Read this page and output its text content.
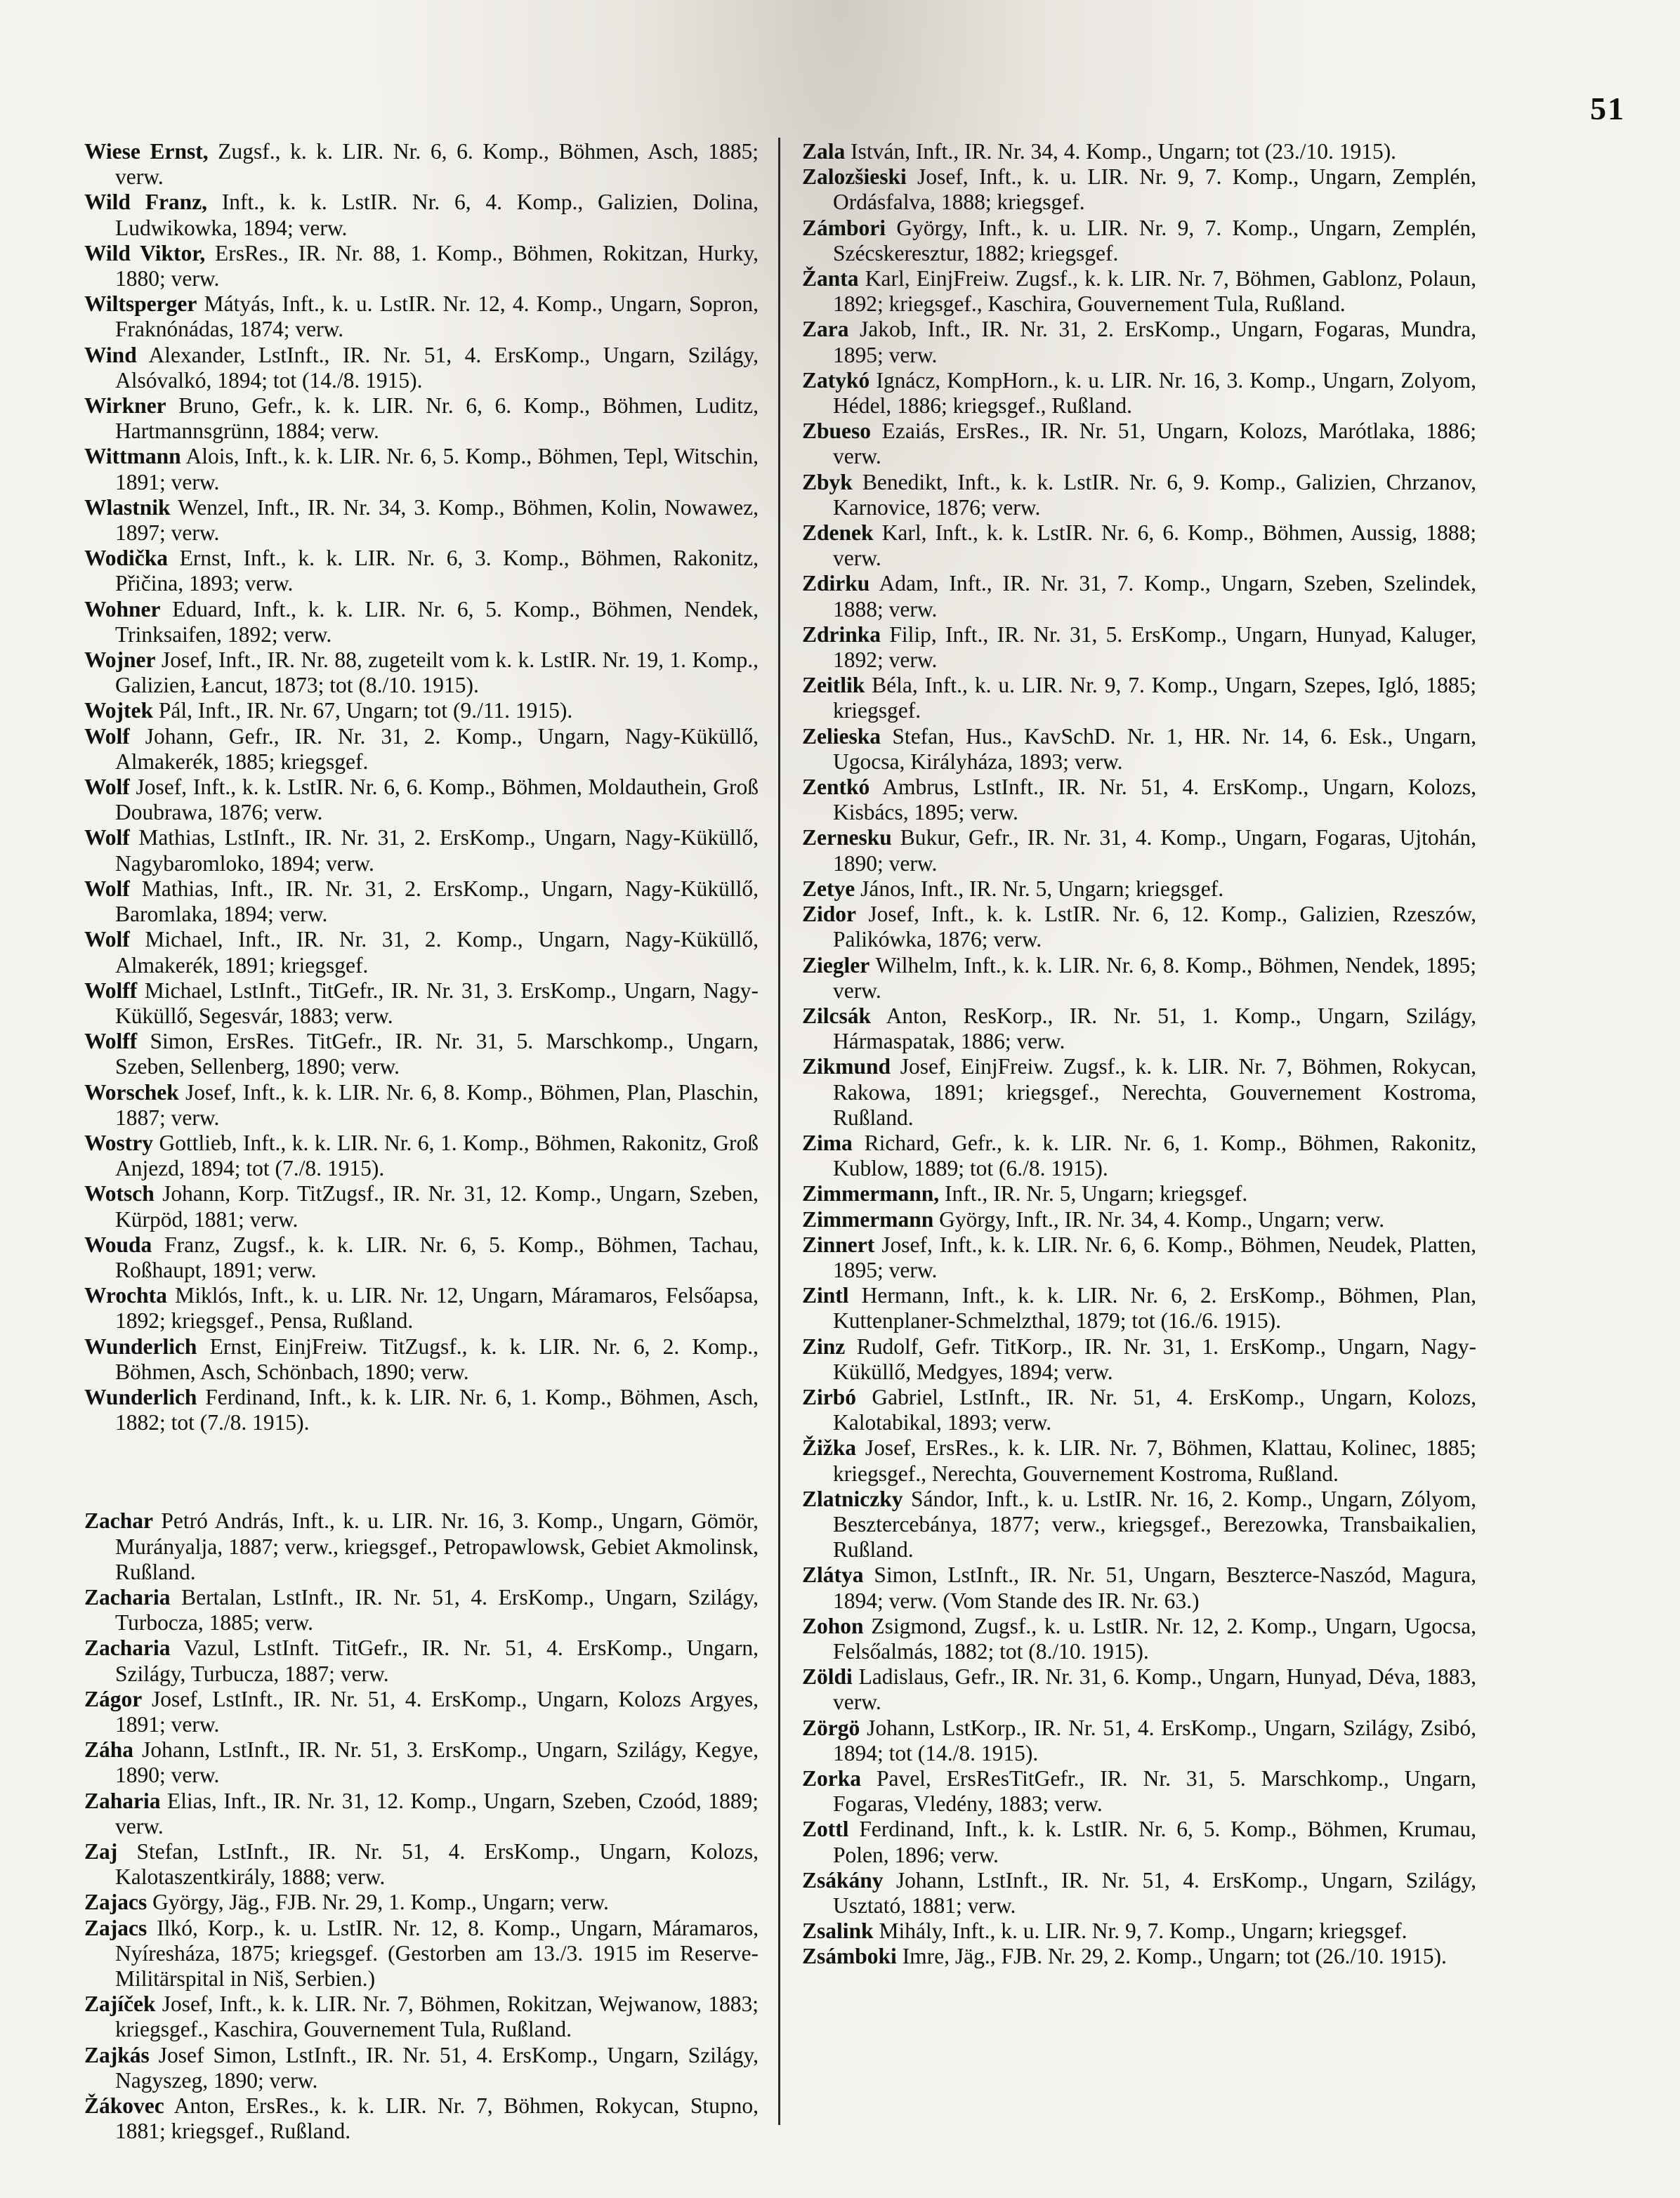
51

Wiese Ernst, Zugsf., k. k. LIR. Nr. 6, 6. Komp., Böhmen, Asch, 1885; verw.

Wild Franz, Inft., k. k. LstIR. Nr. 6, 4. Komp., Galizien, Dolina, Ludwikowka, 1894; verw.

Wild Viktor, ErsRes., IR. Nr. 88, 1. Komp., Böhmen, Rokitzan, Hurky, 1880; verw.

Wiltsperger Mátyás, Inft., k. u. LstIR. Nr. 12, 4. Komp., Ungarn, Sopron, Fraknónádas, 1874; verw.

Wind Alexander, LstInft., IR. Nr. 51, 4. ErsKomp., Ungarn, Szilágy, Alsóvalkó, 1894; tot (14./8. 1915).

Wirkner Bruno, Gefr., k. k. LIR. Nr. 6, 6. Komp., Böhmen, Luditz, Hartmannsgrünn, 1884; verw.

Wittmann Alois, Inft., k. k. LIR. Nr. 6, 5. Komp., Böhmen, Tepl, Witschin, 1891; verw.

Wlastnik Wenzel, Inft., IR. Nr. 34, 3. Komp., Böhmen, Kolin, Nowawez, 1897; verw.

Wodička Ernst, Inft., k. k. LIR. Nr. 6, 3. Komp., Böhmen, Rakonitz, Přičina, 1893; verw.

Wohner Eduard, Inft., k. k. LIR. Nr. 6, 5. Komp., Böhmen, Nendek, Trinksaifen, 1892; verw.

Wojner Josef, Inft., IR. Nr. 88, zugeteilt vom k. k. LstIR. Nr. 19, 1. Komp., Galizien, Łancut, 1873; tot (8./10. 1915).

Wojtek Pál, Inft., IR. Nr. 67, Ungarn; tot (9./11. 1915).

Wolf Johann, Gefr., IR. Nr. 31, 2. Komp., Ungarn, Nagy-Küküllő, Almakerék, 1885; kriegsgef.

Wolf Josef, Inft., k. k. LstIR. Nr. 6, 6. Komp., Böhmen, Moldauthein, Groß Doubrawa, 1876; verw.

Wolf Mathias, LstInft., IR. Nr. 31, 2. ErsKomp., Ungarn, Nagy-Küküllő, Nagybaromloko, 1894; verw.

Wolf Mathias, Inft., IR. Nr. 31, 2. ErsKomp., Ungarn, Nagy-Küküllő, Baromlaka, 1894; verw.

Wolf Michael, Inft., IR. Nr. 31, 2. Komp., Ungarn, Nagy-Küküllő, Almakerék, 1891; kriegsgef.

Wolff Michael, LstInft., TitGefr., IR. Nr. 31, 3. ErsKomp., Ungarn, Nagy-Küküllő, Segesvár, 1883; verw.

Wolff Simon, ErsRes. TitGefr., IR. Nr. 31, 5. Marschkomp., Ungarn, Szeben, Sellenberg, 1890; verw.

Worschek Josef, Inft., k. k. LIR. Nr. 6, 8. Komp., Böhmen, Plan, Plaschin, 1887; verw.

Wostry Gottlieb, Inft., k. k. LIR. Nr. 6, 1. Komp., Böhmen, Rakonitz, Groß Anjezd, 1894; tot (7./8. 1915).

Wotsch Johann, Korp. TitZugsf., IR. Nr. 31, 12. Komp., Ungarn, Szeben, Kürpöd, 1881; verw.

Wouda Franz, Zugsf., k. k. LIR. Nr. 6, 5. Komp., Böhmen, Tachau, Roßhaupt, 1891; verw.

Wrochta Miklós, Inft., k. u. LIR. Nr. 12, Ungarn, Máramaros, Felsőapsa, 1892; kriegsgef., Pensa, Rußland.

Wunderlich Ernst, EinjFreiw. TitZugsf., k. k. LIR. Nr. 6, 2. Komp., Böhmen, Asch, Schönbach, 1890; verw.

Wunderlich Ferdinand, Inft., k. k. LIR. Nr. 6, 1. Komp., Böhmen, Asch, 1882; tot (7./8. 1915).

Zachar Petró András, Inft., k. u. LIR. Nr. 16, 3. Komp., Ungarn, Gömör, Murányalja, 1887; verw., kriegsgef., Petropawlowsk, Gebiet Akmolinsk, Rußland.

Zacharia Bertalan, LstInft., IR. Nr. 51, 4. ErsKomp., Ungarn, Szilágy, Turbocza, 1885; verw.

Zacharia Vazul, LstInft. TitGefr., IR. Nr. 51, 4. ErsKomp., Ungarn, Szilágy, Turbucza, 1887; verw.

Zágor Josef, LstInft., IR. Nr. 51, 4. ErsKomp., Ungarn, Kolozs Argyes, 1891; verw.

Záha Johann, LstInft., IR. Nr. 51, 3. ErsKomp., Ungarn, Szilágy, Kegye, 1890; verw.

Zaharia Elias, Inft., IR. Nr. 31, 12. Komp., Ungarn, Szeben, Czoód, 1889; verw.

Zaj Stefan, LstInft., IR. Nr. 51, 4. ErsKomp., Ungarn, Kolozs, Kalotaszentkirály, 1888; verw.

Zajacs György, Jäg., FJB. Nr. 29, 1. Komp., Ungarn; verw.

Zajacs Ilkó, Korp., k. u. LstIR. Nr. 12, 8. Komp., Ungarn, Máramaros, Nyíresháza, 1875; kriegsgef. (Gestorben am 13./3. 1915 im Reserve-Militärspital in Niš, Serbien.)

Zajíček Josef, Inft., k. k. LIR. Nr. 7, Böhmen, Rokitzan, Wejwanow, 1883; kriegsgef., Kaschira, Gouvernement Tula, Rußland.

Zajkás Josef Simon, LstInft., IR. Nr. 51, 4. ErsKomp., Ungarn, Szilágy, Nagyszeg, 1890; verw.

Žákovec Anton, ErsRes., k. k. LIR. Nr. 7, Böhmen, Rokycan, Stupno, 1881; kriegsgef., Rußland.

Zala István, Inft., IR. Nr. 34, 4. Komp., Ungarn; tot (23./10. 1915).

Zalozšieski Josef, Inft., k. u. LIR. Nr. 9, 7. Komp., Ungarn, Zemplén, Ordásfalva, 1888; kriegsgef.

Zámbori György, Inft., k. u. LIR. Nr. 9, 7. Komp., Ungarn, Zemplén, Szécskeresztur, 1882; kriegsgef.

Žanta Karl, EinjFreiw. Zugsf., k. k. LIR. Nr. 7, Böhmen, Gablonz, Polaun, 1892; kriegsgef., Kaschira, Gouvernement Tula, Rußland.

Zara Jakob, Inft., IR. Nr. 31, 2. ErsKomp., Ungarn, Fogaras, Mundra, 1895; verw.

Zatykó Ignácz, KompHorn., k. u. LIR. Nr. 16, 3. Komp., Ungarn, Zolyom, Hédel, 1886; kriegsgef., Rußland.

Zbueso Ezaiás, ErsRes., IR. Nr. 51, Ungarn, Kolozs, Marótlaka, 1886; verw.

Zbyk Benedikt, Inft., k. k. LstIR. Nr. 6, 9. Komp., Galizien, Chrzanov, Karnovice, 1876; verw.

Zdenek Karl, Inft., k. k. LstIR. Nr. 6, 6. Komp., Böhmen, Aussig, 1888; verw.

Zdirku Adam, Inft., IR. Nr. 31, 7. Komp., Ungarn, Szeben, Szelindek, 1888; verw.

Zdrinka Filip, Inft., IR. Nr. 31, 5. ErsKomp., Ungarn, Hunyad, Kaluger, 1892; verw.

Zeitlik Béla, Inft., k. u. LIR. Nr. 9, 7. Komp., Ungarn, Szepes, Igló, 1885; kriegsgef.

Zelieska Stefan, Hus., KavSchD. Nr. 1, HR. Nr. 14, 6. Esk., Ungarn, Ugocsa, Királyháza, 1893; verw.

Zentkó Ambrus, LstInft., IR. Nr. 51, 4. ErsKomp., Ungarn, Kolozs, Kisbács, 1895; verw.

Zernesku Bukur, Gefr., IR. Nr. 31, 4. Komp., Ungarn, Fogaras, Ujtohán, 1890; verw.

Zetye János, Inft., IR. Nr. 5, Ungarn; kriegsgef.

Zidor Josef, Inft., k. k. LstIR. Nr. 6, 12. Komp., Galizien, Rzeszów, Palikówka, 1876; verw.

Ziegler Wilhelm, Inft., k. k. LIR. Nr. 6, 8. Komp., Böhmen, Nendek, 1895; verw.

Zilcsák Anton, ResKorp., IR. Nr. 51, 1. Komp., Ungarn, Szilágy, Hármaspatak, 1886; verw.

Zikmund Josef, EinjFreiw. Zugsf., k. k. LIR. Nr. 7, Böhmen, Rokycan, Rakowa, 1891; kriegsgef., Nerechta, Gouvernement Kostroma, Rußland.

Zima Richard, Gefr., k. k. LIR. Nr. 6, 1. Komp., Böhmen, Rakonitz, Kublow, 1889; tot (6./8. 1915).

Zimmermann, Inft., IR. Nr. 5, Ungarn; kriegsgef.

Zimmermann György, Inft., IR. Nr. 34, 4. Komp., Ungarn; verw.

Zinnert Josef, Inft., k. k. LIR. Nr. 6, 6. Komp., Böhmen, Neudek, Platten, 1895; verw.

Zintl Hermann, Inft., k. k. LIR. Nr. 6, 2. ErsKomp., Böhmen, Plan, Kuttenplaner-Schmelzthal, 1879; tot (16./6. 1915).

Zinz Rudolf, Gefr. TitKorp., IR. Nr. 31, 1. ErsKomp., Ungarn, Nagy-Küküllő, Medgyes, 1894; verw.

Zirbó Gabriel, LstInft., IR. Nr. 51, 4. ErsKomp., Ungarn, Kolozs, Kalotabikal, 1893; verw.

Žižka Josef, ErsRes., k. k. LIR. Nr. 7, Böhmen, Klattau, Kolinec, 1885; kriegsgef., Nerechta, Gouvernement Kostroma, Rußland.

Zlatniczky Sándor, Inft., k. u. LstIR. Nr. 16, 2. Komp., Ungarn, Zólyom, Besztercebánya, 1877; verw., kriegsgef., Berezowka, Transbaikalien, Rußland.

Zlátya Simon, LstInft., IR. Nr. 51, Ungarn, Beszterce-Naszód, Magura, 1894; verw. (Vom Stande des IR. Nr. 63.)

Zohon Zsigmond, Zugsf., k. u. LstIR. Nr. 12, 2. Komp., Ungarn, Ugocsa, Felsőalmás, 1882; tot (8./10. 1915).

Zöldi Ladislaus, Gefr., IR. Nr. 31, 6. Komp., Ungarn, Hunyad, Déva, 1883, verw.

Zörgö Johann, LstKorp., IR. Nr. 51, 4. ErsKomp., Ungarn, Szilágy, Zsibó, 1894; tot (14./8. 1915).

Zorka Pavel, ErsResTitGefr., IR. Nr. 31, 5. Marschkomp., Ungarn, Fogaras, Vledény, 1883; verw.

Zottl Ferdinand, Inft., k. k. LstIR. Nr. 6, 5. Komp., Böhmen, Krumau, Polen, 1896; verw.

Zsákány Johann, LstInft., IR. Nr. 51, 4. ErsKomp., Ungarn, Szilágy, Usztató, 1881; verw.

Zsalink Mihály, Inft., k. u. LIR. Nr. 9, 7. Komp., Ungarn; kriegsgef.

Zsámboki Imre, Jäg., FJB. Nr. 29, 2. Komp., Ungarn; tot (26./10. 1915).
